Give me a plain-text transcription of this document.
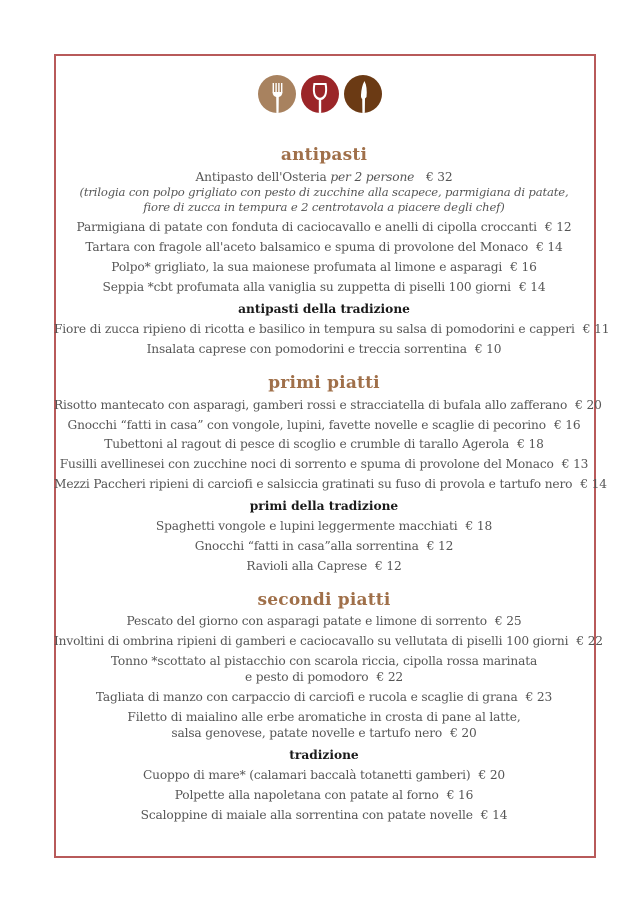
antipasti
Antipasto dell'Osteria per 2 persone € 32
(trilogia con polpo grigliato con pesto di zucchine alla scapece, parmigiana di patate,
fiore di zucca in tempura e 2 centrotavola a piacere degli chef)
Parmigiana di patate con fonduta di caciocavallo e anelli di cipolla croccanti € 12
Tartara con fragole all'aceto balsamico e spuma di provolone del Monaco € 14
Polpo* grigliato, la sua maionese profumata al limone e asparagi € 16
Seppia *cbt profumata alla vaniglia su zuppetta di piselli 100 giorni € 14
antipasti della tradizione
Fiore di zucca ripieno di ricotta e basilico in tempura su salsa di pomodorini e capperi € 11
Insalata caprese con pomodorini e treccia sorrentina € 10
primi piatti
Risotto mantecato con asparagi, gamberi rossi e stracciatella di bufala allo zafferano € 20
Gnocchi “fatti in casa” con vongole, lupini, favette novelle e scaglie di pecorino € 16
Tubettoni al ragout di pesce di scoglio e crumble di tarallo Agerola € 18
Fusilli avellinesei con zucchine noci di sorrento e spuma di provolone del Monaco € 13
Mezzi Paccheri ripieni di carciofi e salsiccia gratinati su fuso di provola e tartufo nero € 14
primi della tradizione
Spaghetti vongole e lupini leggermente macchiati € 18
Gnocchi “fatti in casa”alla sorrentina € 12
Ravioli alla Caprese € 12
secondi piatti
Pescato del giorno con asparagi patate e limone di sorrento € 25
Involtini di ombrina ripieni di gamberi e caciocavallo su vellutata di piselli 100 giorni € 22
Tonno *scottato al pistacchio con scarola riccia, cipolla rossa marinata
e pesto di pomodoro € 22
Tagliata di manzo con carpaccio di carciofi e rucola e scaglie di grana € 23
Filetto di maialino alle erbe aromatiche in crosta di pane al latte,
salsa genovese, patate novelle e tartufo nero € 20
tradizione
Cuoppo di mare* (calamari baccalà totanetti gamberi) € 20
Polpette alla napoletana con patate al forno € 16
Scaloppine di maiale alla sorrentina con patate novelle € 14
